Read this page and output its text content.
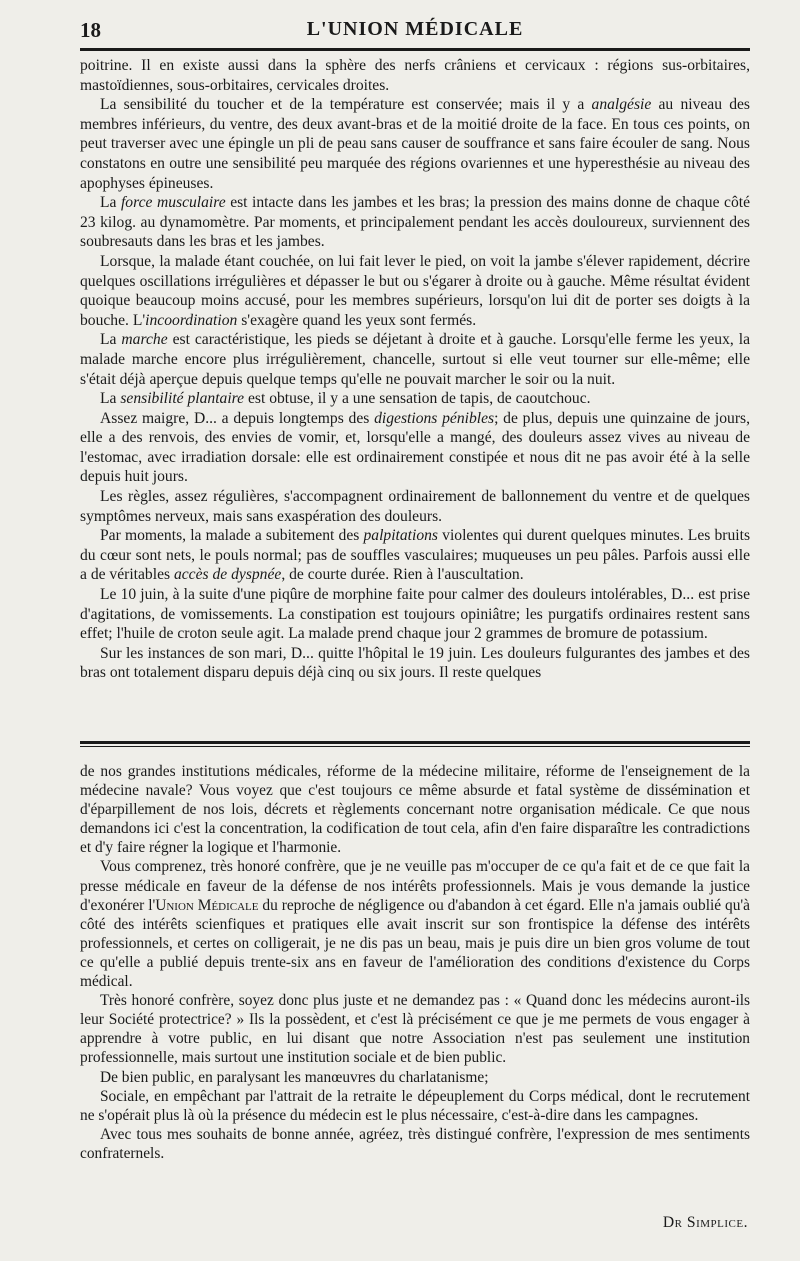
18	L'UNION MÉDICALE

poitrine. Il en existe aussi dans la sphère des nerfs crâniens et cervicaux : régions sus-orbitaires, mastoïdiennes, sous-orbitaires, cervicales droites.

La sensibilité du toucher et de la température est conservée; mais il y a analgésie au niveau des membres inférieurs, du ventre, des deux avant-bras et de la moitié droite de la face. En tous ces points, on peut traverser avec une épingle un pli de peau sans causer de souffrance et sans faire écouler de sang. Nous constatons en outre une sensibilité peu marquée des régions ovariennes et une hyperesthésie au niveau des apophyses épineuses.

La force musculaire est intacte dans les jambes et les bras; la pression des mains donne de chaque côté 23 kilog. au dynamomètre. Par moments, et principalement pendant les accès douloureux, surviennent des soubresauts dans les bras et les jambes.

Lorsque, la malade étant couchée, on lui fait lever le pied, on voit la jambe s'élever rapidement, décrire quelques oscillations irrégulières et dépasser le but ou s'égarer à droite ou à gauche. Même résultat évident quoique beaucoup moins accusé, pour les membres supérieurs, lorsqu'on lui dit de porter ses doigts à la bouche. L'incoordination s'exagère quand les yeux sont fermés.

La marche est caractéristique, les pieds se déjetant à droite et à gauche. Lorsqu'elle ferme les yeux, la malade marche encore plus irrégulièrement, chancelle, surtout si elle veut tourner sur elle-même; elle s'était déjà aperçue depuis quelque temps qu'elle ne pouvait marcher le soir ou la nuit.

La sensibilité plantaire est obtuse, il y a une sensation de tapis, de caoutchouc.

Assez maigre, D... a depuis longtemps des digestions pénibles; de plus, depuis une quinzaine de jours, elle a des renvois, des envies de vomir, et, lorsqu'elle a mangé, des douleurs assez vives au niveau de l'estomac, avec irradiation dorsale: elle est ordinairement constipée et nous dit ne pas avoir été à la selle depuis huit jours.

Les règles, assez régulières, s'accompagnent ordinairement de ballonnement du ventre et de quelques symptômes nerveux, mais sans exaspération des douleurs.

Par moments, la malade a subitement des palpitations violentes qui durent quelques minutes. Les bruits du cœur sont nets, le pouls normal; pas de souffles vasculaires; muqueuses un peu pâles. Parfois aussi elle a de véritables accès de dyspnée, de courte durée. Rien à l'auscultation.

Le 10 juin, à la suite d'une piqûre de morphine faite pour calmer des douleurs intolérables, D... est prise d'agitations, de vomissements. La constipation est toujours opiniâtre; les purgatifs ordinaires restent sans effet; l'huile de croton seule agit. La malade prend chaque jour 2 grammes de bromure de potassium.

Sur les instances de son mari, D... quitte l'hôpital le 19 juin. Les douleurs fulgurantes des jambes et des bras ont totalement disparu depuis déjà cinq ou six jours. Il reste quelques

de nos grandes institutions médicales, réforme de la médecine militaire, réforme de l'enseignement de la médecine navale? Vous voyez que c'est toujours ce même absurde et fatal système de dissémination et d'éparpillement de nos lois, décrets et règlements concernant notre organisation médicale. Ce que nous demandons ici c'est la concentration, la codification de tout cela, afin d'en faire disparaître les contradictions et d'y faire régner la logique et l'harmonie.

Vous comprenez, très honoré confrère, que je ne veuille pas m'occuper de ce qu'a fait et de ce que fait la presse médicale en faveur de la défense de nos intérêts professionnels. Mais je vous demande la justice d'exonérer l'Union Médicale du reproche de négligence ou d'abandon à cet égard. Elle n'a jamais oublié qu'à côté des intérêts scienfiques et pratiques elle avait inscrit sur son frontispice la défense des intérêts professionnels, et certes on colligerait, je ne dis pas un beau, mais je puis dire un bien gros volume de tout ce qu'elle a publié depuis trente-six ans en faveur de l'amélioration des conditions d'existence du Corps médical.

Très honoré confrère, soyez donc plus juste et ne demandez pas : « Quand donc les médecins auront-ils leur Société protectrice? » Ils la possèdent, et c'est là précisément ce que je me permets de vous engager à apprendre à votre public, en lui disant que notre Association n'est pas seulement une institution professionnelle, mais surtout une institution sociale et de bien public.

De bien public, en paralysant les manœuvres du charlatanisme;

Sociale, en empêchant par l'attrait de la retraite le dépeuplement du Corps médical, dont le recrutement ne s'opérait plus là où la présence du médecin est le plus nécessaire, c'est-à-dire dans les campagnes.

Avec tous mes souhaits de bonne année, agréez, très distingué confrère, l'expression de mes sentiments confraternels.

Dr Simplice.
